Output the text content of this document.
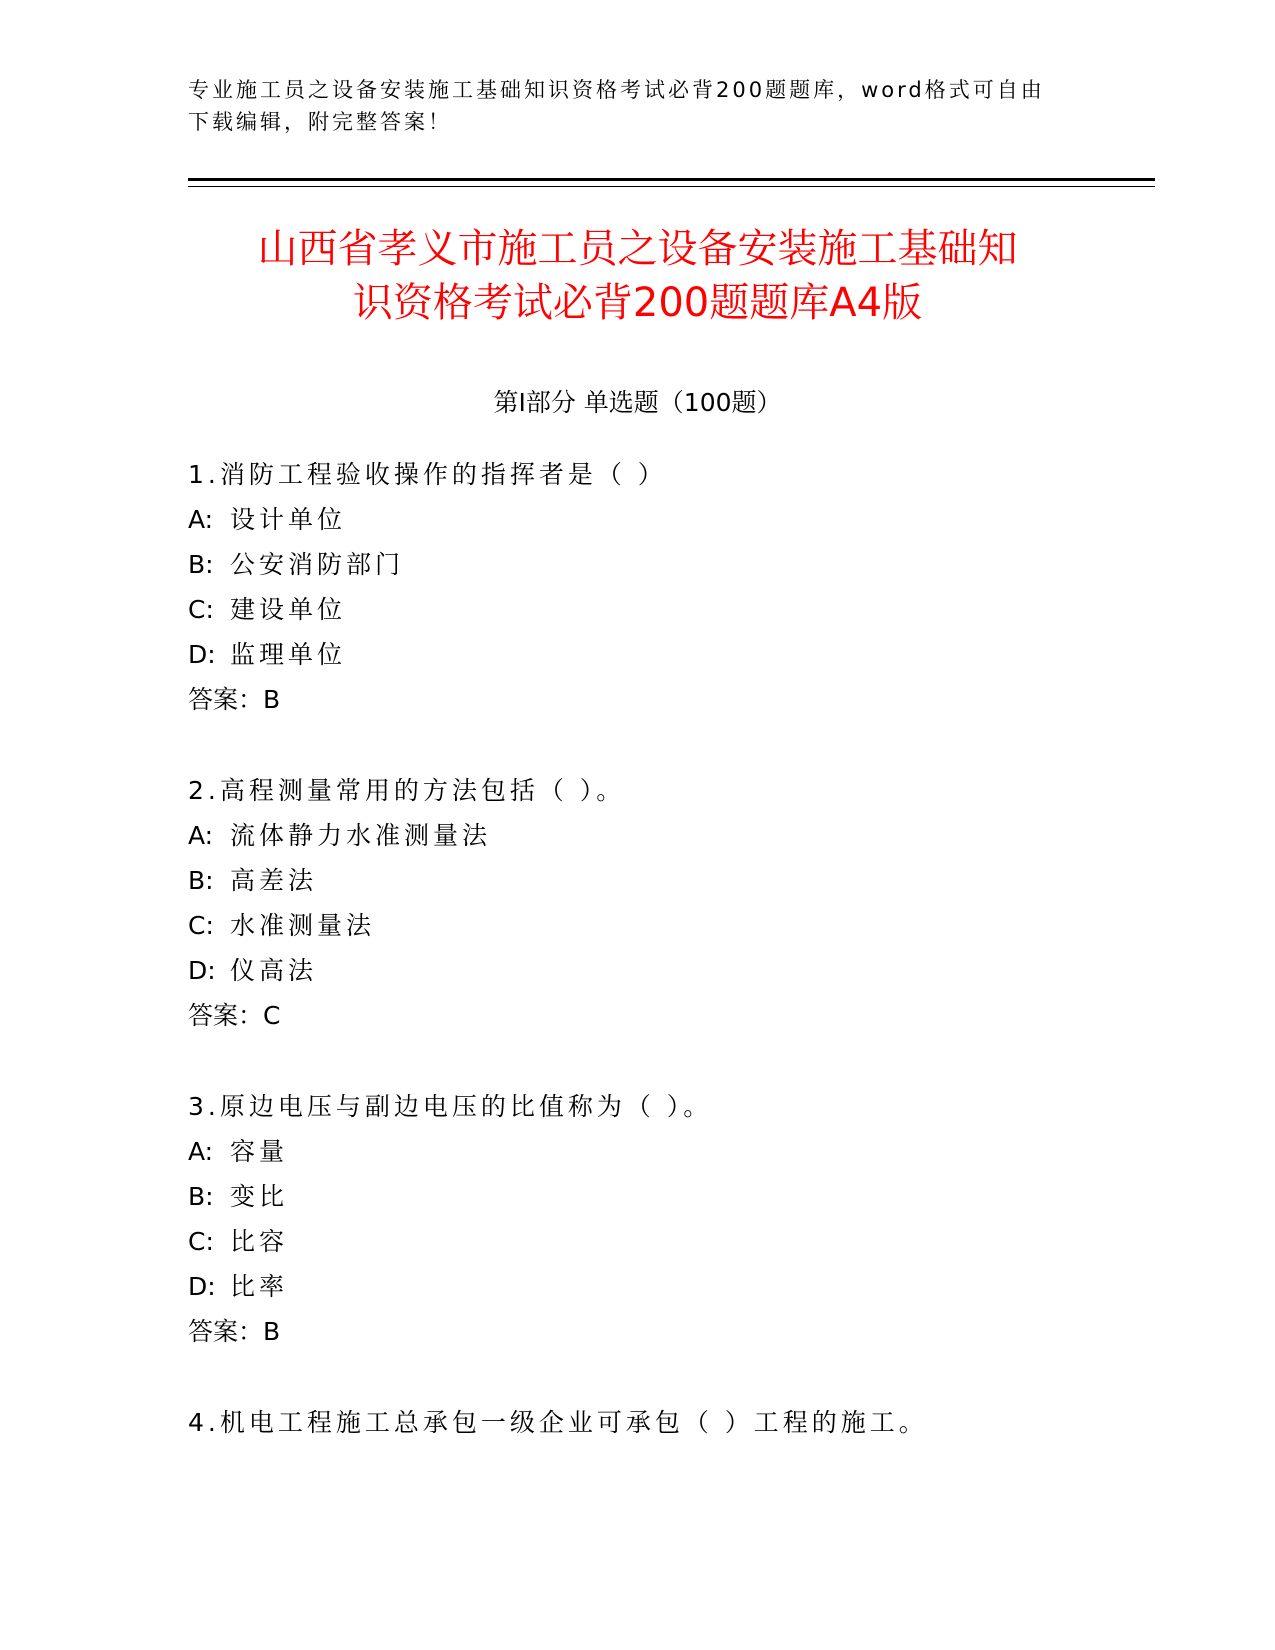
专业施工员之设备安装施工基础知识资格考试必背200题题库，word格式可自由下载编辑，附完整答案！
山西省孝义市施工员之设备安装施工基础知
识资格考试必背200题题库A4版
第Ⅰ部分 单选题（100题）
1.消防工程验收操作的指挥者是（ ）
A: 设计单位
B: 公安消防部门
C: 建设单位
D: 监理单位
答案：B
2.高程测量常用的方法包括（ ）。
A: 流体静力水准测量法
B: 高差法
C: 水准测量法
D: 仪高法
答案：C
3.原边电压与副边电压的比值称为（ ）。
A: 容量
B: 变比
C: 比容
D: 比率
答案：B
4.机电工程施工总承包一级企业可承包（ ）工程的施工。
